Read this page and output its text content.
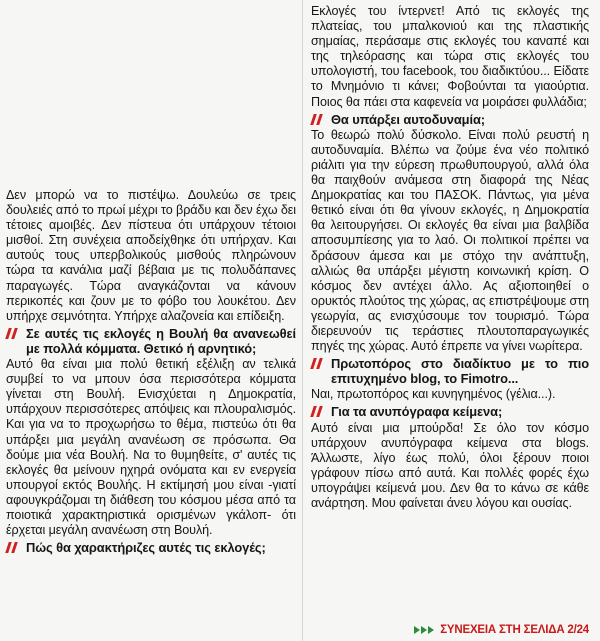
Δεν μπορώ να το πιστέψω. Δουλεύω σε τρεις δουλειές από το πρωί μέχρι το βράδυ και δεν έχω δει τέτοιες αμοιβές. Δεν πίστευα ότι υπάρχουν τέτοιοι μισθοί. Στη συνέχεια αποδείχθηκε ότι υπήρχαν. Και αυτούς τους υπερβολικούς μισθούς πληρώνουν τώρα τα κανάλια μαζί βέβαια με τις πολυδάπανες παραγωγές. Τώρα αναγκάζονται να κάνουν περικοπές και ζουν με το φόβο του λουκέτου. Δεν υπήρχε σεμνότητα. Υπήρχε αλαζονεία και επίδειξη.

Σε αυτές τις εκλογές η Βουλή θα ανανεωθεί με πολλά κόμματα. Θετικό ή αρνητικό;

Αυτό θα είναι μια πολύ θετική εξέλιξη αν τελικά συμβεί το να μπουν όσα περισσότερα κόμματα γίνεται στη Βουλή. Ενισχύεται η Δημοκρατία, υπάρχουν περισσότερες απόψεις και πλουραλισμός. Και για να το προχωρήσω το θέμα, πιστεύω ότι θα υπάρξει μια μεγάλη ανανέωση σε πρόσωπα. Θα δούμε μια νέα Βουλή. Να το θυμηθείτε, σ' αυτές τις εκλογές θα μείνουν ηχηρά ονόματα και εν ενεργεία υπουργοί εκτός Βουλής. Η εκτίμησή μου είναι -γιατί αφουγκράζομαι τη διάθεση του κόσμου μέσα από τα ποιοτικά χαρακτηριστικά ορισμένων γκάλοπ- ότι έρχεται μεγάλη ανανέωση στη Βουλή.

Πώς θα χαρακτήριζες αυτές τις εκλογές;

Εκλογές του ίντερνετ! Από τις εκλογές της πλατείας, του μπαλκονιού και της πλαστικής σημαίας, περάσαμε στις εκλογές του καναπέ και της τηλεόρασης και τώρα στις εκλογές του υπολογιστή, του facebook, του διαδικτύου... Είδατε το Μνημόνιο τι κάνει; Φοβούνται τα γιαούρτια. Ποιος θα πάει στα καφενεία να μοιράσει φυλλάδια;

Θα υπάρξει αυτοδυναμία;

Το θεωρώ πολύ δύσκολο. Είναι πολύ ρευστή η αυτοδυναμία. Βλέπω να ζούμε ένα νέο πολιτικό ριάλιτι για την εύρεση πρωθυπουργού, αλλά όλα θα παιχθούν ανάμεσα στη διαφορά της Νέας Δημοκρατίας και του ΠΑΣΟΚ. Πάντως, για μένα θετικό είναι ότι θα γίνουν εκλογές, η Δημοκρατία θα λειτουργήσει. Οι εκλογές θα είναι μια βαλβίδα αποσυμπίεσης για το λαό. Οι πολιτικοί πρέπει να δράσουν άμεσα και με στόχο την ανάπτυξη, αλλιώς θα υπάρξει μέγιστη κοινωνική κρίση. Ο κόσμος δεν αντέχει άλλο. Ας αξιοποιηθεί ο ορυκτός πλούτος της χώρας, ας επιστρέψουμε στη γεωργία, ας ενισχύσουμε τον τουρισμό. Τώρα διερευνούν τις τεράστιες πλουτοπαραγωγικές πηγές της χώρας. Αυτό έπρεπε να γίνει νωρίτερα.

Πρωτοπόρος στο διαδίκτυο με το πιο επιτυχημένο blog, το Fimotro...

Ναι, πρωτοπόρος και κυνηγημένος (γέλια...).

Για τα ανυπόγραφα κείμενα;

Αυτό είναι μια μπούρδα! Σε όλο τον κόσμο υπάρχουν ανυπόγραφα κείμενα στα blogs. Άλλωστε, λίγο έως πολύ, όλοι ξέρουν ποιοι γράφουν πίσω από αυτά. Και πολλές φορές έχω υπογράψει κείμενά μου. Δεν θα το κάνω σε κάθε ανάρτηση. Μου φαίνεται άνευ λόγου και ουσίας.

ΣΥΝΕΧΕΙΑ ΣΤΗ ΣΕΛΙΔΑ 2/24
